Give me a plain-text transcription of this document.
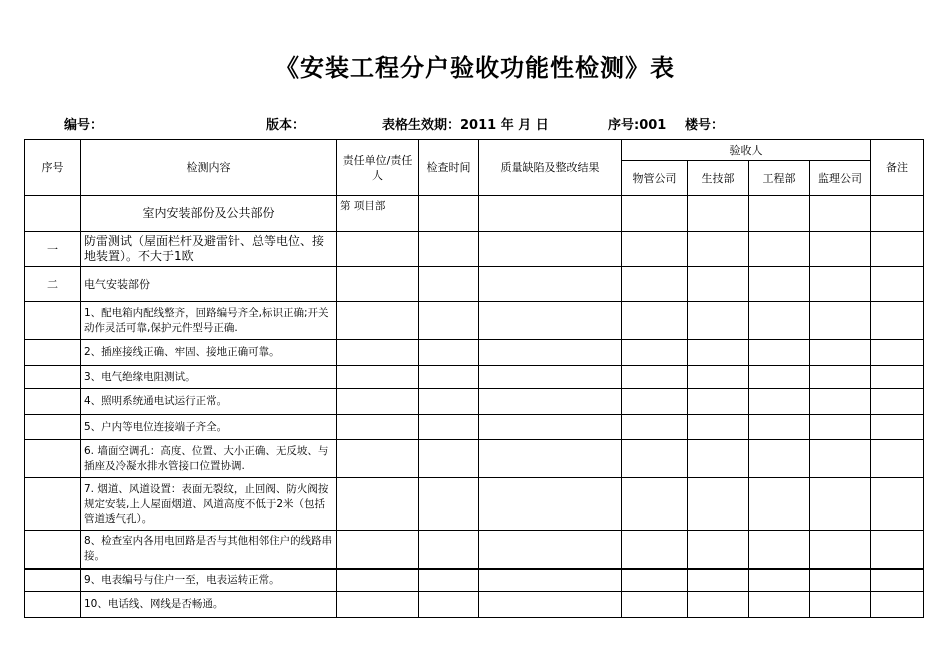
《安装工程分户验收功能性检测》表
编号：	版本：	表格生效期：2011 年 月 日	序号:001 楼号：
序号	检测内容	责任单位/责任人	检查时间	质量缺陷及整改结果	验收人				备注
					物管公司	生技部	工程部	监理公司	
	室内安装部份及公共部份	第 项目部							
一	防雷测试（屋面栏杆及避雷针、总等电位、接地装置）。不大于1欧								
二	电气安装部份								
	1、配电箱内配线整齐，回路编号齐全,标识正确;开关动作灵活可靠,保护元件型号正确.								
	2、插座接线正确、牢固、接地正确可靠。								
	3、电气绝缘电阻测试。								
	4、照明系统通电试运行正常。								
	5、户内等电位连接端子齐全。								
	6. 墙面空调孔：高度、位置、大小正确、无反坡、与插座及冷凝水排水管接口位置协调.								
	7. 烟道、风道设置：表面无裂纹，止回阀、防火阀按规定安装,上人屋面烟道、风道高度不低于2米（包括管道透气孔）。								
	8、检查室内各用电回路是否与其他相邻住户的线路串接。								
	9、电表编号与住户一至，电表运转正常。								
	10、电话线、网线是否畅通。								
